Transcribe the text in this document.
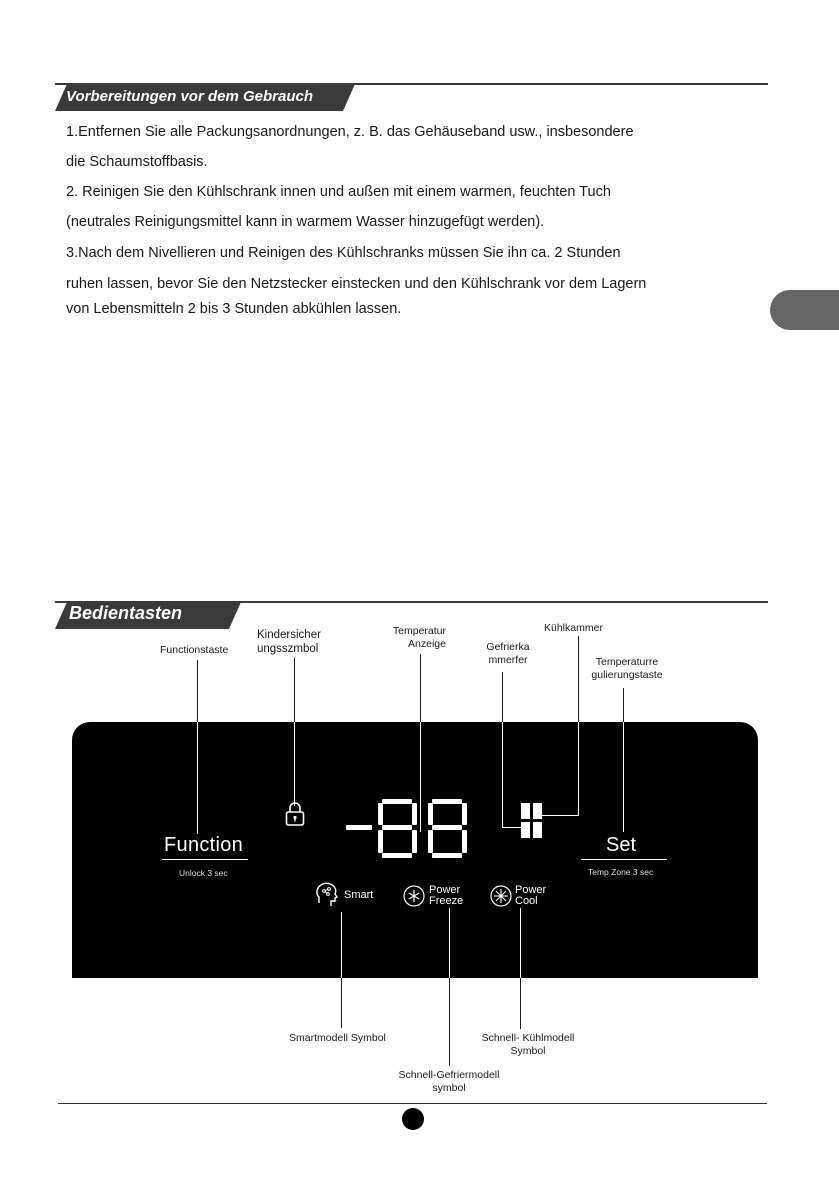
Vorbereitungen vor dem Gebrauch
1.Entfernen Sie alle Packungsanordnungen, z. B. das Gehäuseband usw., insbesondere
die Schaumstoffbasis.
2. Reinigen Sie den Kühlschrank innen und außen mit einem warmen, feuchten Tuch
(neutrales Reinigungsmittel kann in warmem Wasser hinzugefügt werden).
3.Nach dem Nivellieren und Reinigen des Kühlschranks müssen Sie ihn ca. 2 Stunden
ruhen lassen, bevor Sie den Netzstecker einstecken und den Kühlschrank vor dem Lagern
von Lebensmitteln 2 bis 3 Stunden abkühlen lassen.
Bedientasten
Functionstaste
Kindersicher
ungsszmbol
Temperatur
Anzeige	Gefrierka
mmerfer
Kühlkammer
Temperaturre
gulierungstaste
Function
Unlock 3 sec
Set
Temp Zone 3 sec
Smart	Power
Freeze
Power
Cool
Smartmodell Symbol	Schnell- Kühlmodell
Symbol
Schnell-Gefriermodell
symbol
